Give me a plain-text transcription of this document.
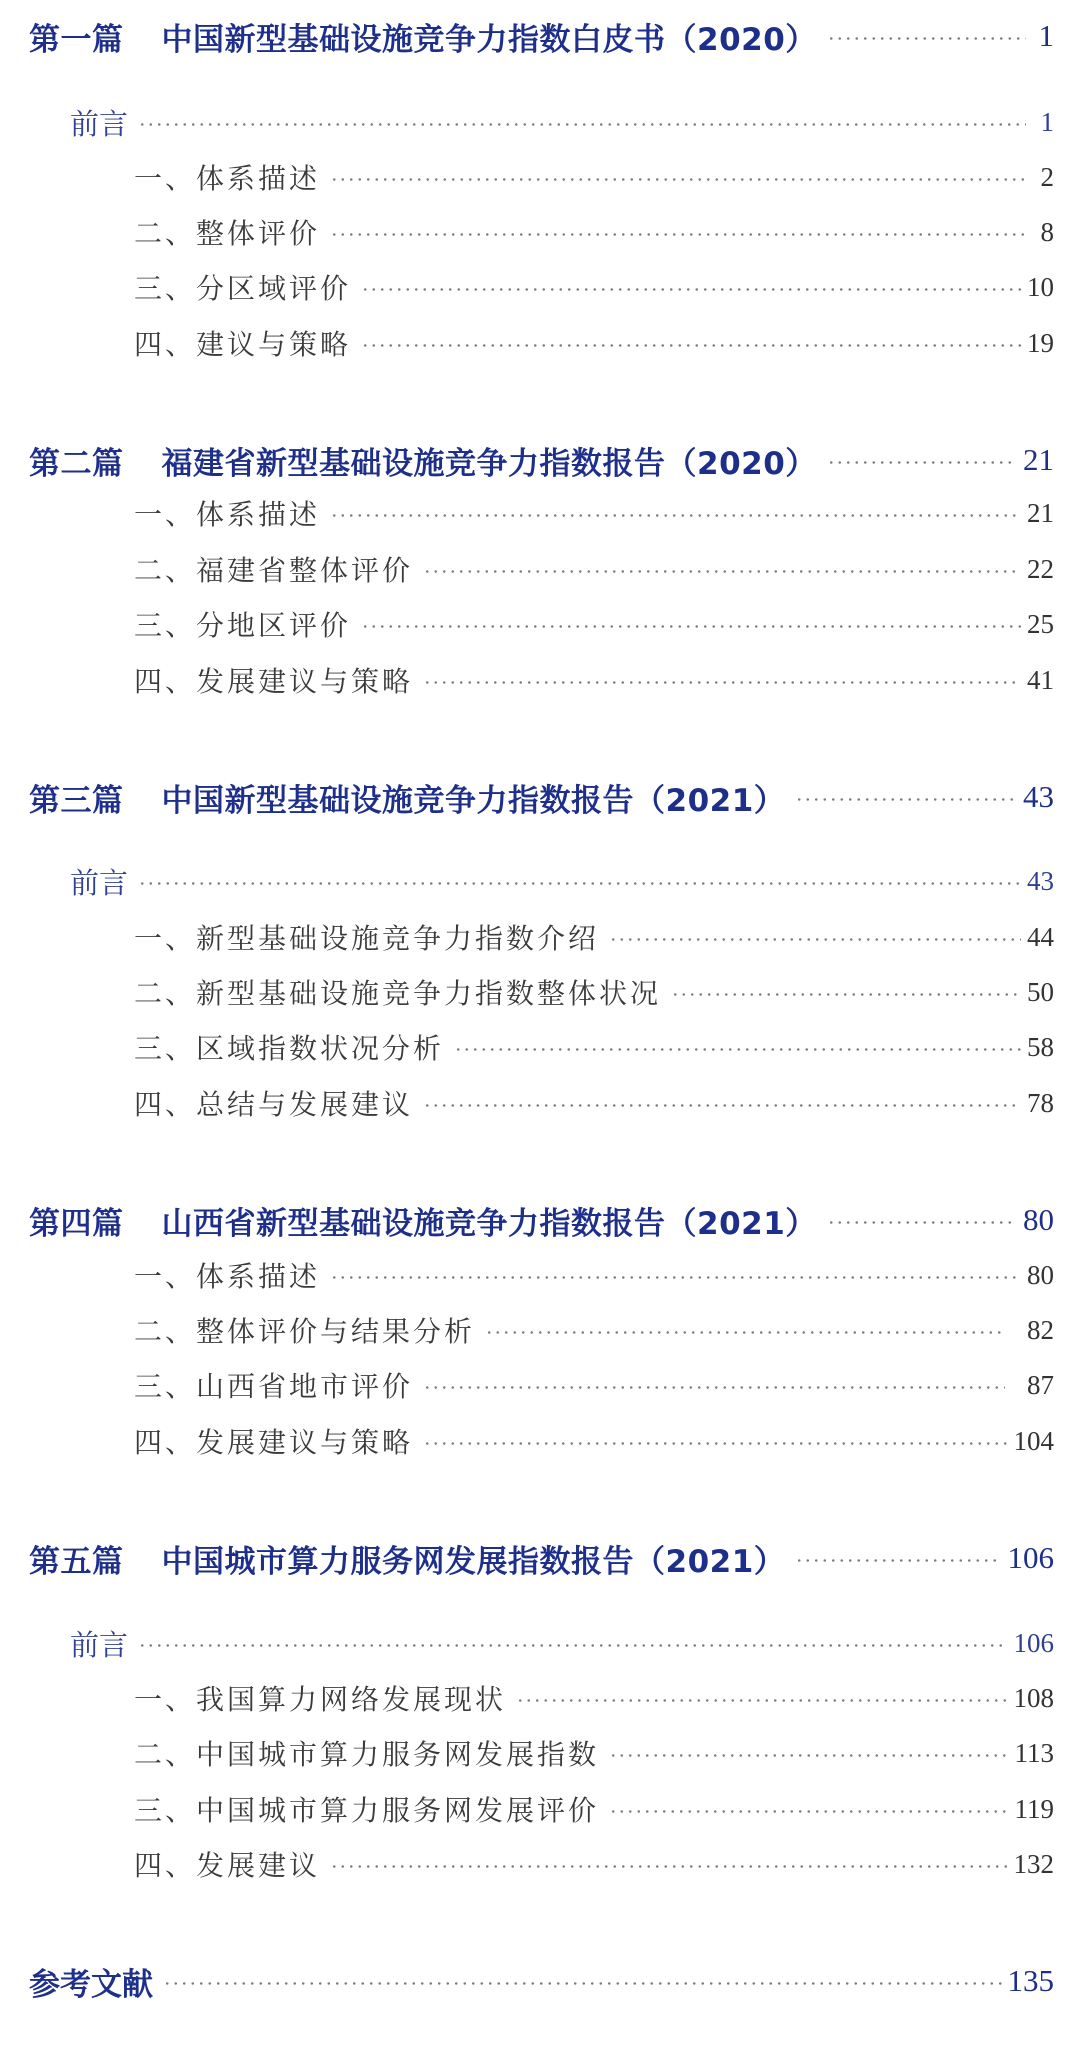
第一篇 中国新型基础设施竞争力指数白皮书（2020）	1
前言	1
一、体系描述	2
二、整体评价	8
三、分区域评价	10
四、建议与策略	19
第二篇 福建省新型基础设施竞争力指数报告（2020）	21
一、体系描述	21
二、福建省整体评价	22
三、分地区评价	25
四、发展建议与策略	41
第三篇 中国新型基础设施竞争力指数报告（2021）	43
前言	43
一、新型基础设施竞争力指数介绍	44
二、新型基础设施竞争力指数整体状况	50
三、区域指数状况分析	58
四、总结与发展建议	78
第四篇 山西省新型基础设施竞争力指数报告（2021）	80
一、体系描述	80
二、整体评价与结果分析	82
三、山西省地市评价	87
四、发展建议与策略	104
第五篇 中国城市算力服务网发展指数报告（2021）	106
前言	106
一、我国算力网络发展现状	108
二、中国城市算力服务网发展指数	113
三、中国城市算力服务网发展评价	119
四、发展建议	132
参考文献	135
